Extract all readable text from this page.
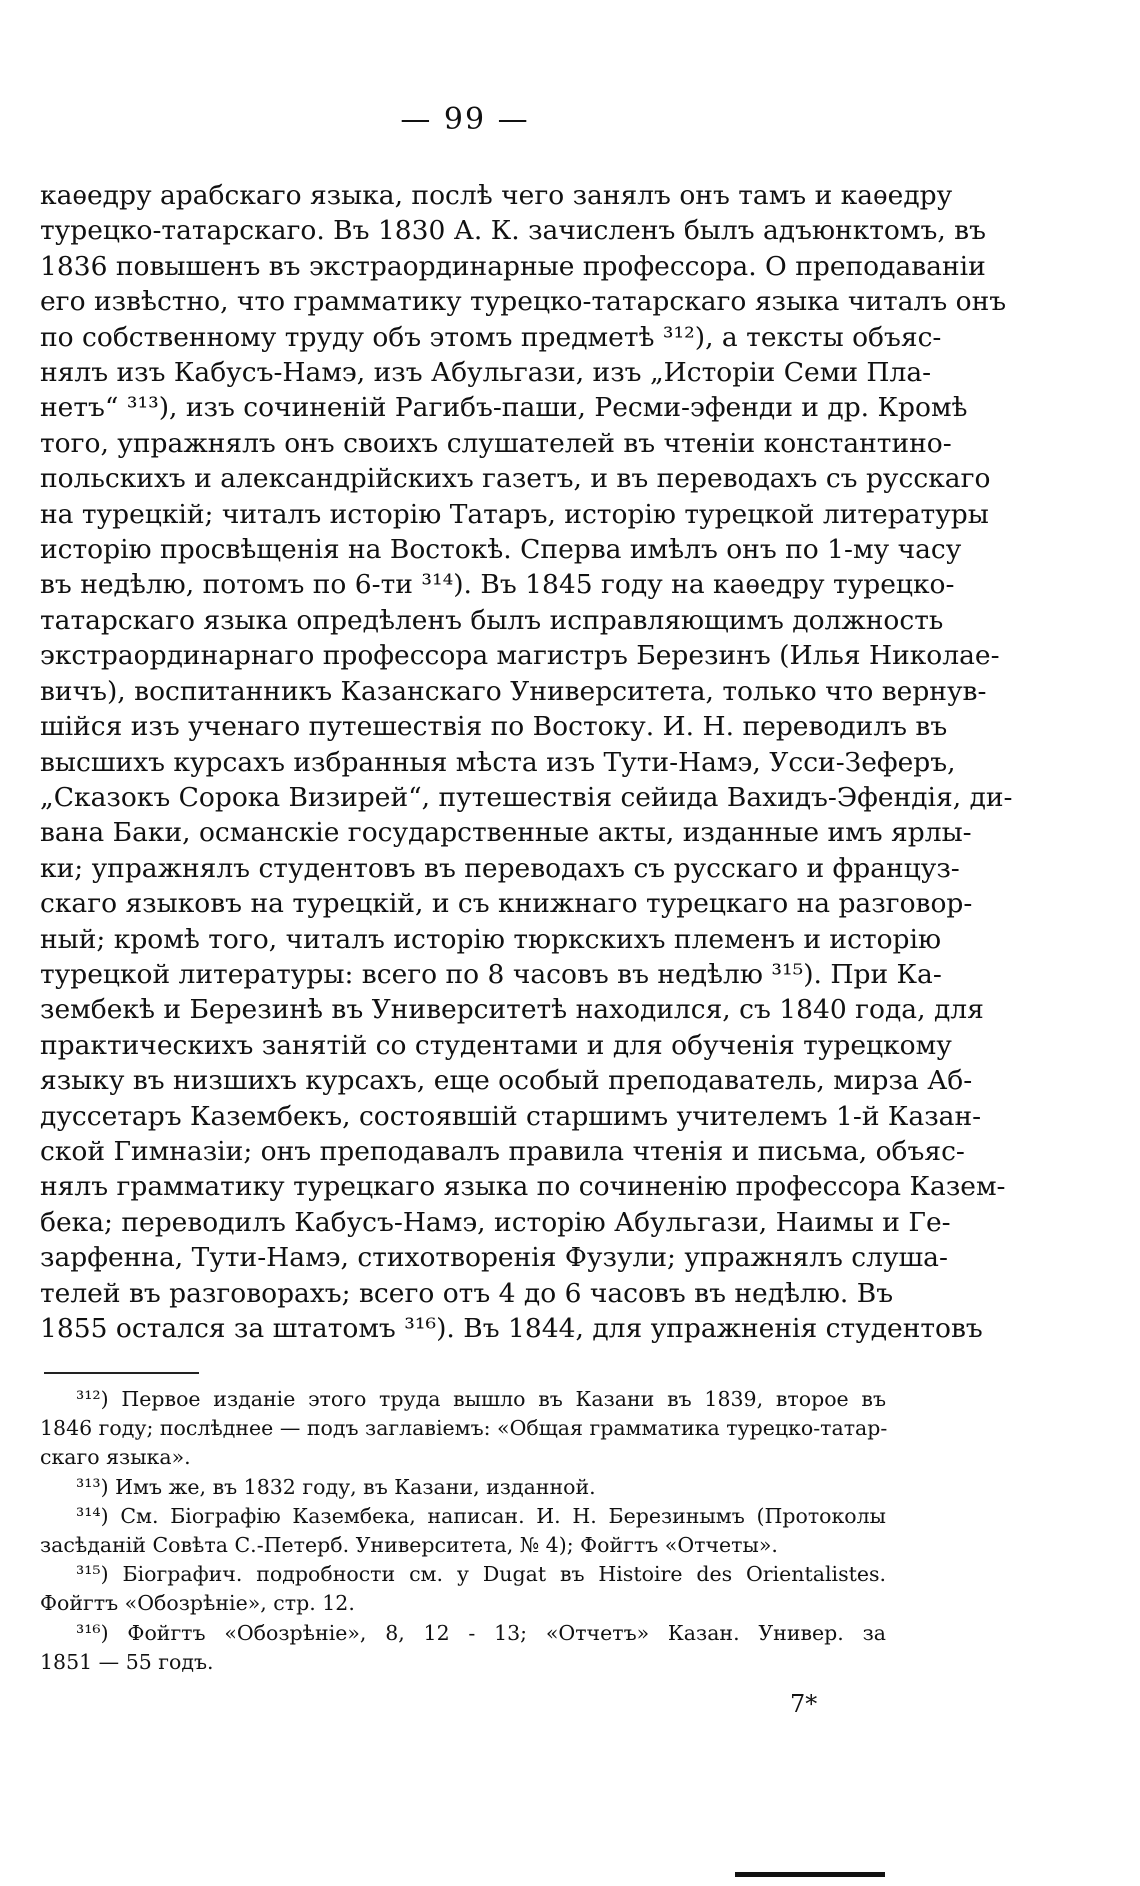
— 99 —
каѳедру арабскаго языка, послѣ чего занялъ онъ тамъ и каѳедру
турецко-татарскаго. Въ 1830 А. К. зачисленъ былъ адъюнктомъ, въ
1836 повышенъ въ экстраординарные профессора. О преподаваніи
его извѣстно, что грамматику турецко-татарскаго языка читалъ онъ
по собственному труду объ этомъ предметѣ ³¹²), а тексты объяс-
нялъ изъ Кабусъ-Намэ, изъ Абульгази, изъ „Исторіи Семи Пла-
нетъ“ ³¹³), изъ сочиненій Рагибъ-паши, Ресми-эфенди и др. Кромѣ
того, упражнялъ онъ своихъ слушателей въ чтеніи константино-
польскихъ и александрійскихъ газетъ, и въ переводахъ съ русскаго
на турецкій; читалъ исторію Татаръ, исторію турецкой литературы
исторію просвѣщенія на Востокѣ. Сперва имѣлъ онъ по 1-му часу
въ недѣлю, потомъ по 6-ти ³¹⁴). Въ 1845 году на каѳедру турецко-
татарскаго языка опредѣленъ былъ исправляющимъ должность
экстраординарнаго профессора магистръ Березинъ (Илья Николае-
вичъ), воспитанникъ Казанскаго Университета, только что вернув-
шійся изъ ученаго путешествія по Востоку. И. Н. переводилъ въ
высшихъ курсахъ избранныя мѣста изъ Тути-Намэ, Усси-Зеферъ,
„Сказокъ Сорока Визирей“, путешествія сейида Вахидъ-Эфендія, ди-
вана Баки, османскіе государственные акты, изданные имъ ярлы-
ки; упражнялъ студентовъ въ переводахъ съ русскаго и француз-
скаго языковъ на турецкій, и съ книжнаго турецкаго на разговор-
ный; кромѣ того, читалъ исторію тюркскихъ племенъ и исторію
турецкой литературы: всего по 8 часовъ въ недѣлю ³¹⁵). При Ка-
зембекѣ и Березинѣ въ Университетѣ находился, съ 1840 года, для
практическихъ занятій со студентами и для обученія турецкому
языку въ низшихъ курсахъ, еще особый преподаватель, мирза Аб-
дуссетаръ Казембекъ, состоявшій старшимъ учителемъ 1-й Казан-
ской Гимназіи; онъ преподавалъ правила чтенія и письма, объяс-
нялъ грамматику турецкаго языка по сочиненію профессора Казем-
бека; переводилъ Кабусъ-Намэ, исторію Абульгази, Наимы и Ге-
зарфенна, Тути-Намэ, стихотворенія Фузули; упражнялъ слуша-
телей въ разговорахъ; всего отъ 4 до 6 часовъ въ недѣлю. Въ
1855 остался за штатомъ ³¹⁶). Въ 1844, для упражненія студентовъ
³¹²) Первое изданіе этого труда вышло въ Казани въ 1839, второе въ
1846 году; послѣднее — подъ заглавіемъ: «Общая грамматика турецко-татар-
скаго языка».
³¹³) Имъ же, въ 1832 году, въ Казани, изданной.
³¹⁴) См. Біографію Казембека, написан. И. Н. Березинымъ (Протоколы
засѣданій Совѣта С.-Петерб. Университета, № 4); Фойгтъ «Отчеты».
³¹⁵) Біографич. подробности см. у Dugat въ Histoire des Orientalistes.
Фойгтъ «Обозрѣніе», стр. 12.
³¹⁶) Фойгтъ «Обозрѣніе», 8, 12 - 13; «Отчетъ» Казан. Универ. за
1851 — 55 годъ.
7*
